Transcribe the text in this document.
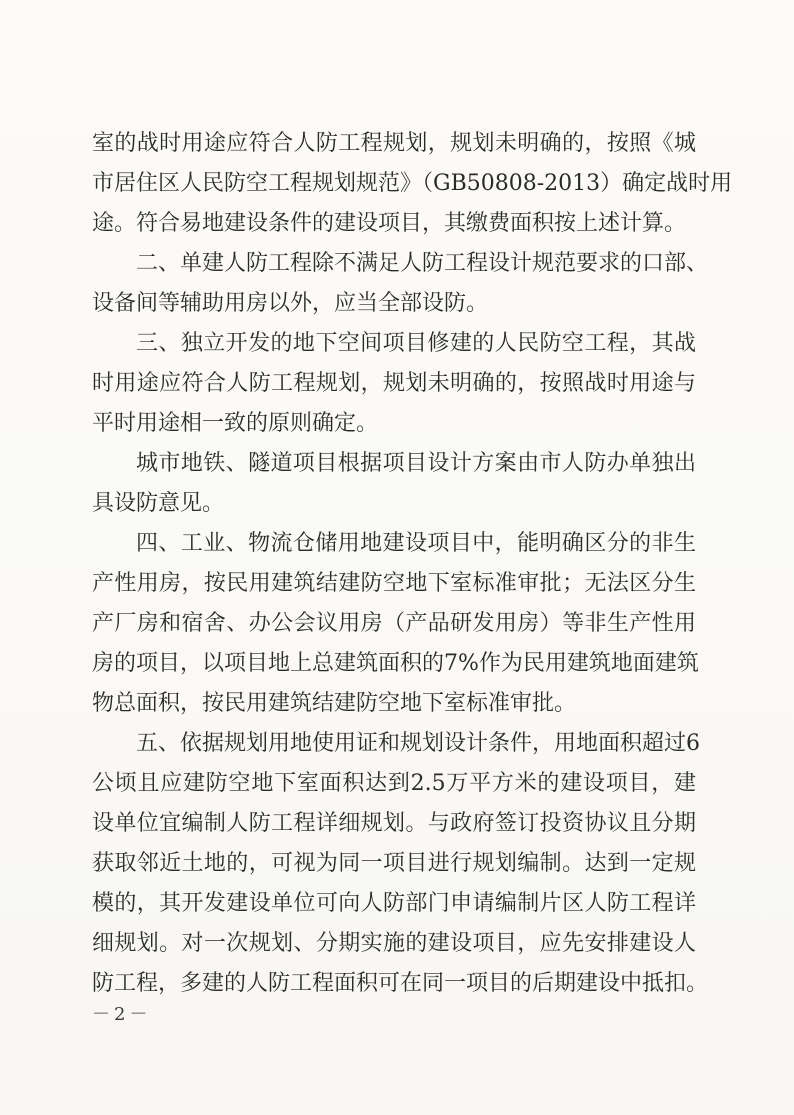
室的战时用途应符合人防工程规划，规划未明确的，按照《城
市居住区人民防空工程规划规范》（GB50808-2013）确定战时用
途。符合易地建设条件的建设项目，其缴费面积按上述计算。
二、单建人防工程除不满足人防工程设计规范要求的口部、
设备间等辅助用房以外，应当全部设防。
三、独立开发的地下空间项目修建的人民防空工程，其战
时用途应符合人防工程规划，规划未明确的，按照战时用途与
平时用途相一致的原则确定。
城市地铁、隧道项目根据项目设计方案由市人防办单独出
具设防意见。
四、工业、物流仓储用地建设项目中，能明确区分的非生
产性用房，按民用建筑结建防空地下室标准审批；无法区分生
产厂房和宿舍、办公会议用房（产品研发用房）等非生产性用
房的项目，以项目地上总建筑面积的7%作为民用建筑地面建筑
物总面积，按民用建筑结建防空地下室标准审批。
五、依据规划用地使用证和规划设计条件，用地面积超过6
公顷且应建防空地下室面积达到2.5万平方米的建设项目，建
设单位宜编制人防工程详细规划。与政府签订投资协议且分期
获取邻近土地的，可视为同一项目进行规划编制。达到一定规
模的，其开发建设单位可向人防部门申请编制片区人防工程详
细规划。对一次规划、分期实施的建设项目，应先安排建设人
防工程，多建的人防工程面积可在同一项目的后期建设中抵扣。
－2－
